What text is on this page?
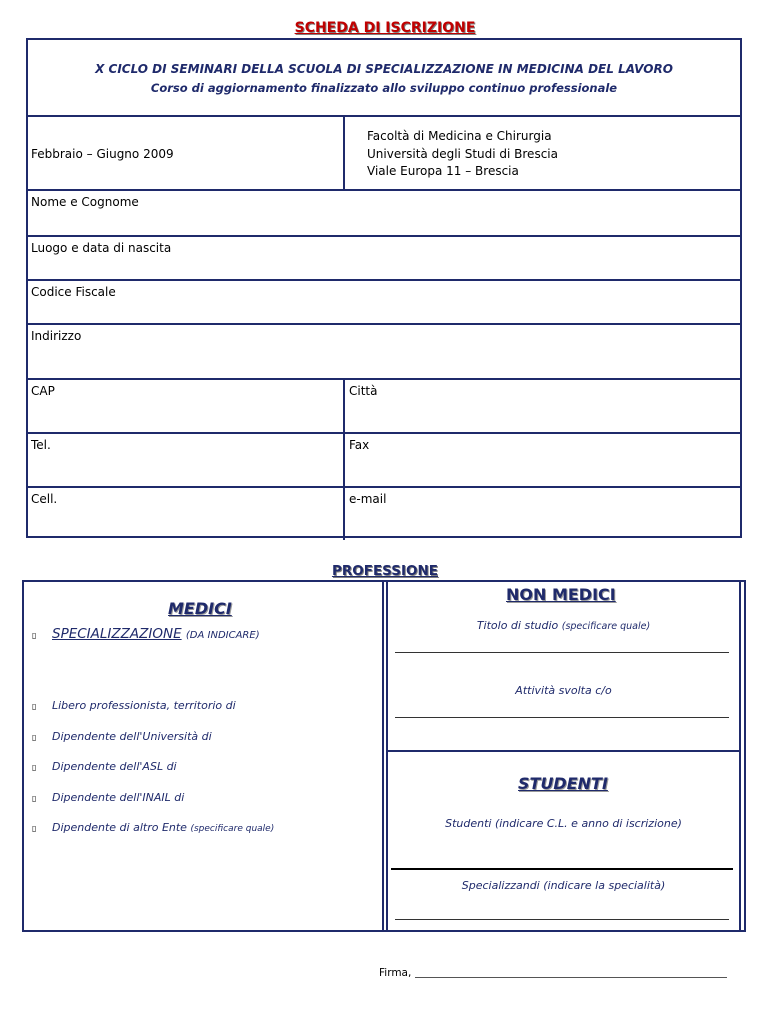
SCHEDA DI ISCRIZIONE
X CICLO DI SEMINARI DELLA SCUOLA DI SPECIALIZZAZIONE IN MEDICINA DEL LAVORO
Corso di aggiornamento finalizzato allo sviluppo continuo professionale
Febbraio – Giugno 2009
Facoltà di Medicina e Chirurgia
Università degli Studi di Brescia
Viale Europa 11 – Brescia
Nome e Cognome
Luogo e data di nascita
Codice Fiscale
Indirizzo
CAP	Città
Tel.	Fax
Cell.	e-mail
PROFESSIONE
MEDICI
▯ SPECIALIZZAZIONE (DA INDICARE)
▯ Libero professionista, territorio di
▯ Dipendente dell'Università di
▯ Dipendente dell'ASL di
▯ Dipendente dell'INAIL di
▯ Dipendente di altro Ente (specificare quale)
NON MEDICI
Titolo di studio (specificare quale)
Attività svolta c/o
STUDENTI
Studenti (indicare C.L. e anno di iscrizione)
Specializzandi (indicare la specialità)
Firma,
